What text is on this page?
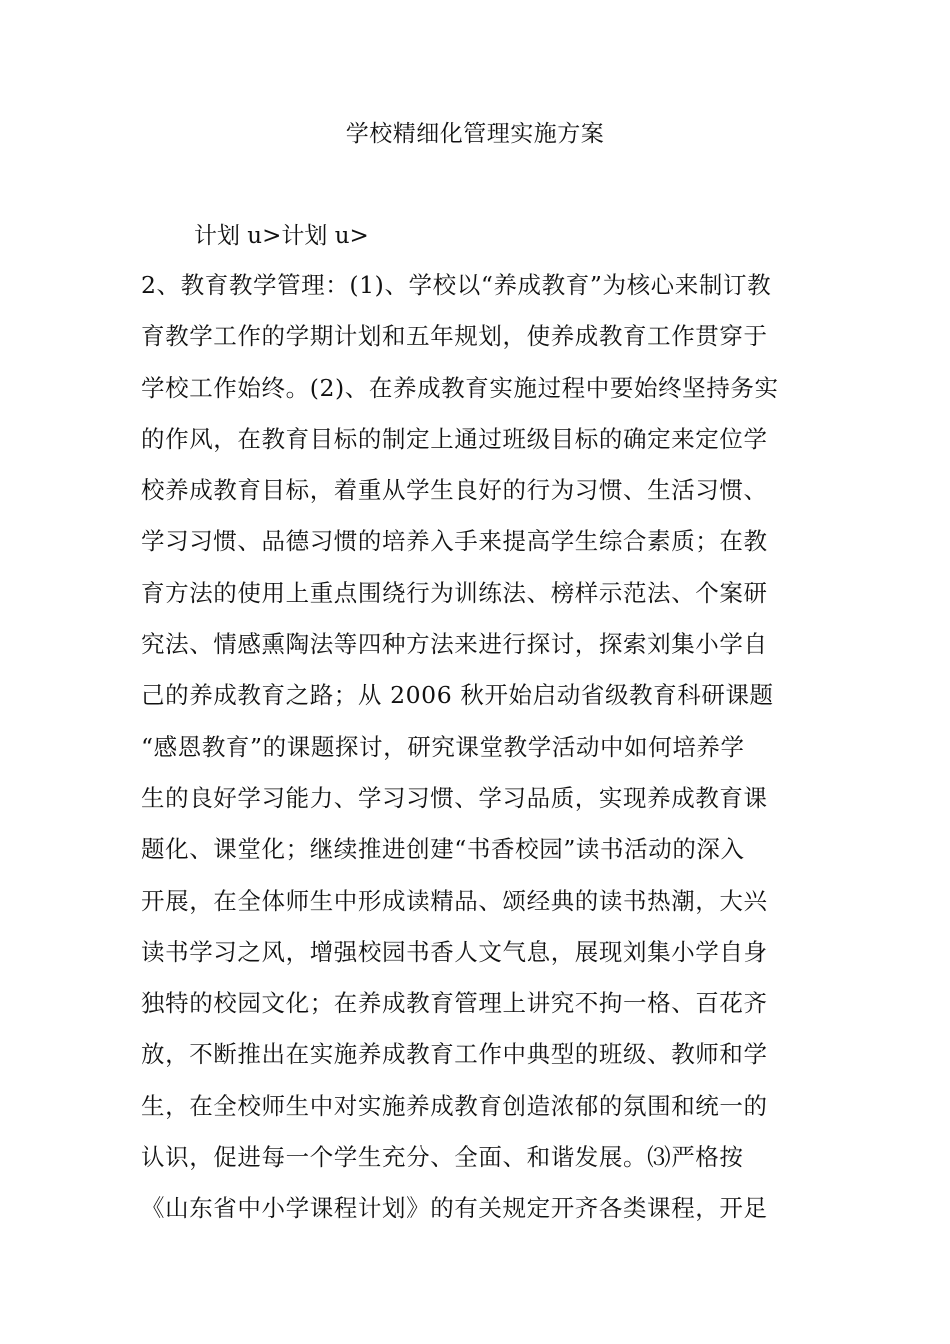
学校精细化管理实施方案
计划 u>计划 u>
2、教育教学管理：(1)、学校以“养成教育”为核心来制订教
育教学工作的学期计划和五年规划，使养成教育工作贯穿于
学校工作始终。(2)、在养成教育实施过程中要始终坚持务实
的作风，在教育目标的制定上通过班级目标的确定来定位学
校养成教育目标，着重从学生良好的行为习惯、生活习惯、
学习习惯、品德习惯的培养入手来提高学生综合素质；在教
育方法的使用上重点围绕行为训练法、榜样示范法、个案研
究法、情感熏陶法等四种方法来进行探讨，探索刘集小学自
己的养成教育之路；从 2006 秋开始启动省级教育科研课题
“感恩教育”的课题探讨，研究课堂教学活动中如何培养学
生的良好学习能力、学习习惯、学习品质，实现养成教育课
题化、课堂化；继续推进创建“书香校园”读书活动的深入
开展，在全体师生中形成读精品、颂经典的读书热潮，大兴
读书学习之风，增强校园书香人文气息，展现刘集小学自身
独特的校园文化；在养成教育管理上讲究不拘一格、百花齐
放，不断推出在实施养成教育工作中典型的班级、教师和学
生，在全校师生中对实施养成教育创造浓郁的氛围和统一的
认识，促进每一个学生充分、全面、和谐发展。⑶严格按
《山东省中小学课程计划》的有关规定开齐各类课程，开足
